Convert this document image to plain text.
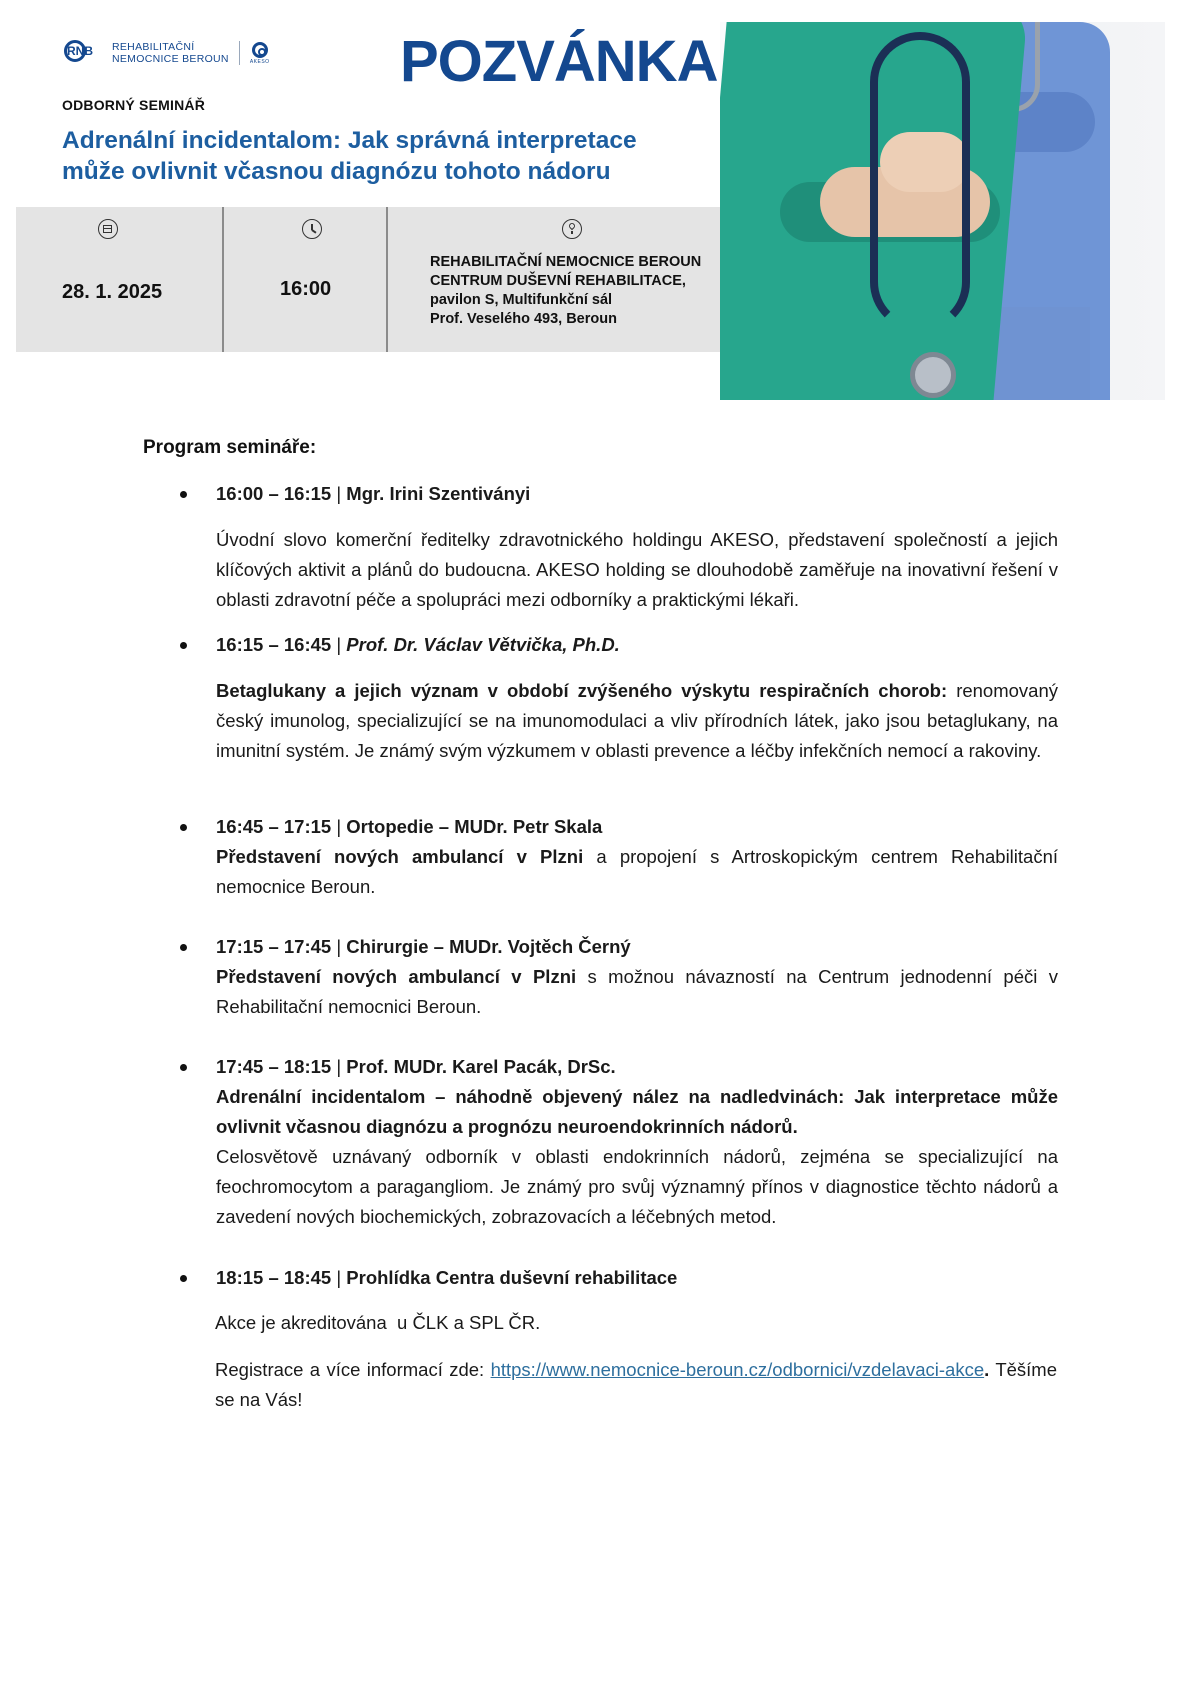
RNB REHABILITAČNÍ
NEMOCNICE BEROUN	AKESO POZVÁNKA
ODBORNÝ SEMINÁŘ
Adrenální incidentalom: Jak správná interpretace může ovlivnit včasnou diagnózu tohoto nádoru
28. 1. 2025	16:00
REHABILITAČNÍ NEMOCNICE BEROUN
CENTRUM DUŠEVNÍ REHABILITACE,
pavilon S, Multifunkční sál
Prof. Veselého 493, Beroun
Program semináře:
16:00 – 16:15 | Mgr. Irini Szentiványi
Úvodní slovo komerční ředitelky zdravotnického holdingu AKESO, představení společností a jejich klíčových aktivit a plánů do budoucna. AKESO holding se dlouhodobě zaměřuje na inovativní řešení v oblasti zdravotní péče a spolupráci mezi odborníky a praktickými lékaři.
16:15 – 16:45 | Prof. Dr. Václav Větvička, Ph.D.
Betaglukany a jejich význam v období zvýšeného výskytu respiračních chorob: renomovaný český imunolog, specializující se na imunomodulaci a vliv přírodních látek, jako jsou betaglukany, na imunitní systém. Je známý svým výzkumem v oblasti prevence a léčby infekčních nemocí a rakoviny.
16:45 – 17:15 | Ortopedie – MUDr. Petr Skala
Představení nových ambulancí v Plzni a propojení s Artroskopickým centrem Rehabilitační nemocnice Beroun.
17:15 – 17:45 | Chirurgie – MUDr. Vojtěch Černý
Představení nových ambulancí v Plzni s možnou návazností na Centrum jednodenní péči v Rehabilitační nemocnici Beroun.
17:45 – 18:15 | Prof. MUDr. Karel Pacák, DrSc.
Adrenální incidentalom – náhodně objevený nález na nadledvinách: Jak interpretace může ovlivnit včasnou diagnózu a prognózu neuroendokrinních nádorů.
Celosvětově uznávaný odborník v oblasti endokrinních nádorů, zejména se specializující na feochromocytom a paragangliom. Je známý pro svůj významný přínos v diagnostice těchto nádorů a zavedení nových biochemických, zobrazovacích a léčebných metod.
18:15 – 18:45 | Prohlídka Centra duševní rehabilitace
Akce je akreditována  u ČLK a SPL ČR.
Registrace a více informací zde: https://www.nemocnice-beroun.cz/odbornici/vzdelavaci-akce. Těšíme se na Vás!
